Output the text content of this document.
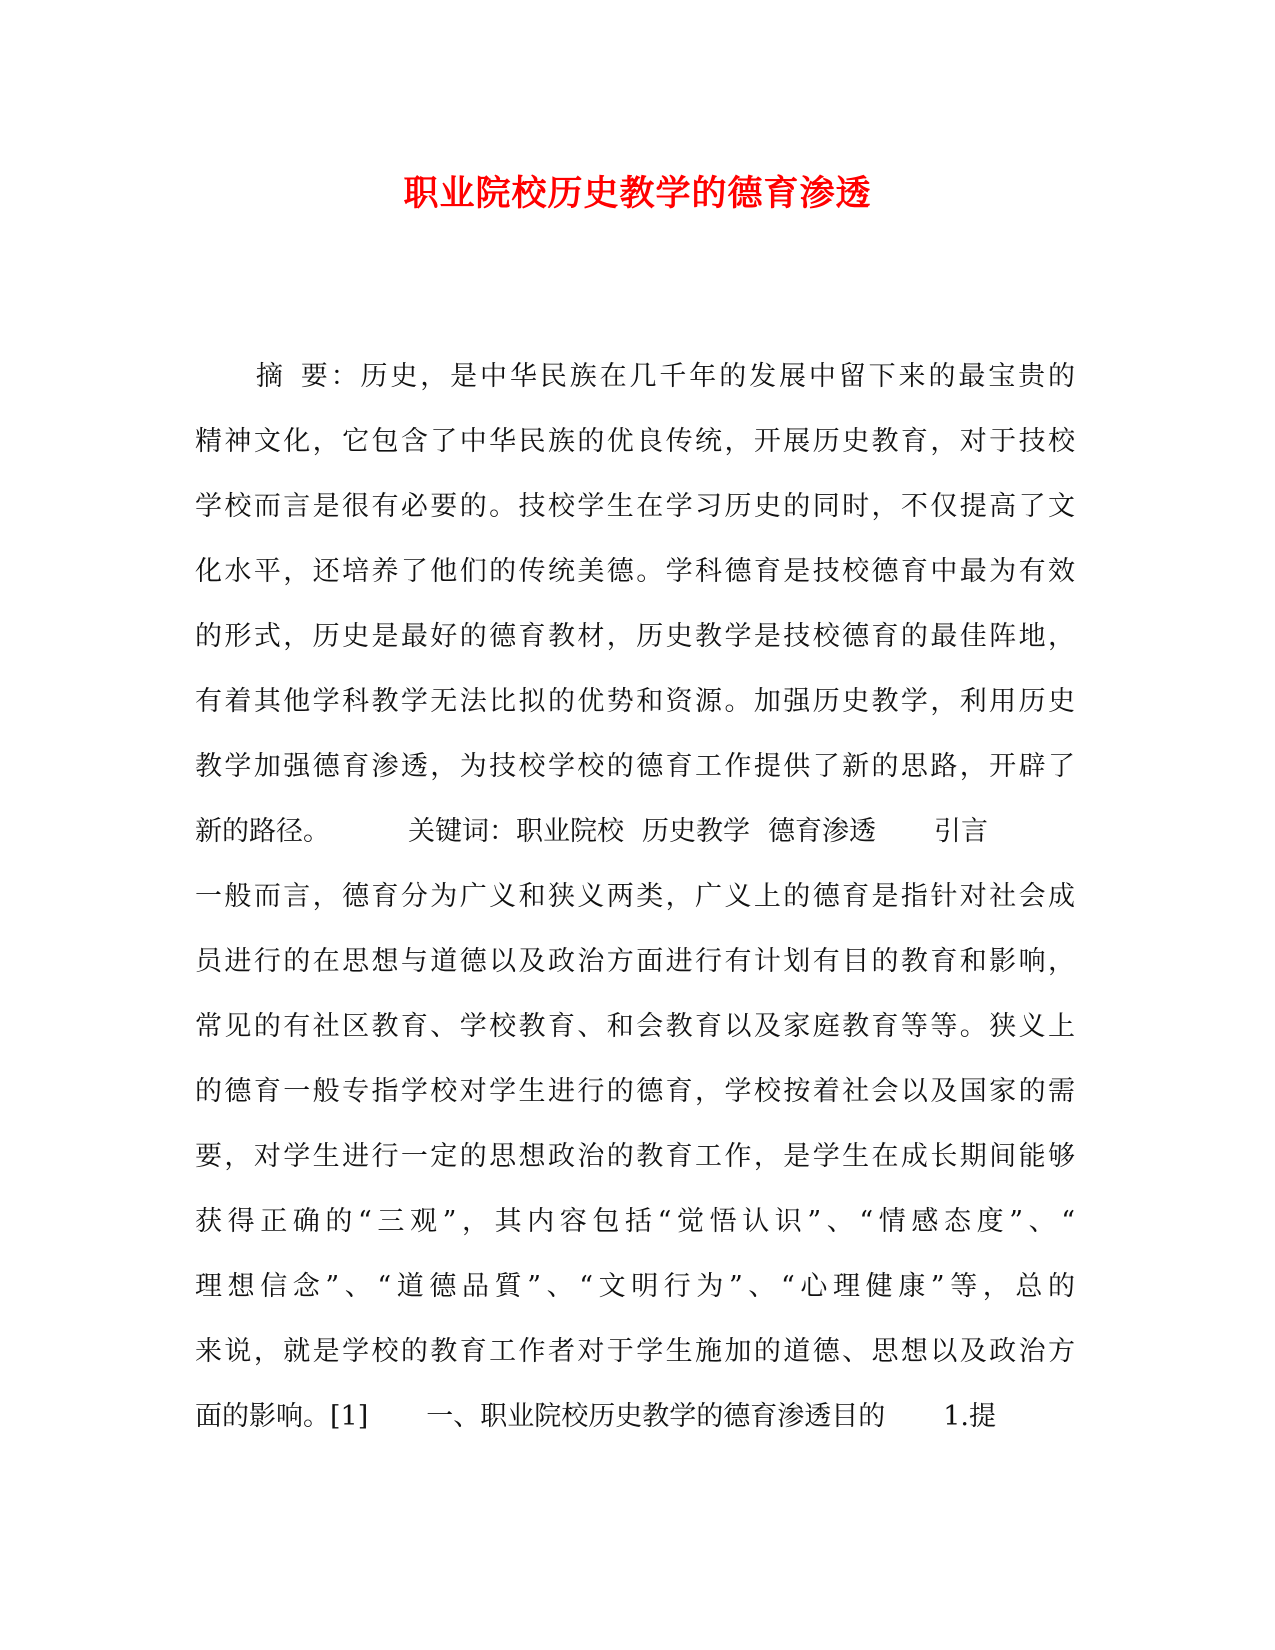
职业院校历史教学的德育渗透
摘 要：历史，是中华民族在几千年的发展中留下来的最宝贵的
精神文化，它包含了中华民族的优良传统，开展历史教育，对于技校
学校而言是很有必要的。技校学生在学习历史的同时，不仅提高了文
化水平，还培养了他们的传统美德。学科德育是技校德育中最为有效
的形式，历史是最好的德育教材，历史教学是技校德育的最佳阵地，
有着其他学科教学无法比拟的优势和资源。加强历史教学，利用历史
教学加强德育渗透，为技校学校的德育工作提供了新的思路，开辟了
新的路径。	关键词：职业院校 历史教学 德育渗透 引言
一般而言，德育分为广义和狭义两类，广义上的德育是指针对社会成
员进行的在思想与道德以及政治方面进行有计划有目的教育和影响，
常见的有社区教育、学校教育、和会教育以及家庭教育等等。狭义上
的德育一般专指学校对学生进行的德育，学校按着社会以及国家的需
要，对学生进行一定的思想政治的教育工作，是学生在成长期间能够
获得正确的“三观”，其内容包括“觉悟认识”、“情感态度”、“
理想信念”、“道德品質”、“文明行为”、“心理健康”等，总的
来说，就是学校的教育工作者对于学生施加的道德、思想以及政治方
面的影响。[1] 一、职业院校历史教学的德育渗透目的 1.提
